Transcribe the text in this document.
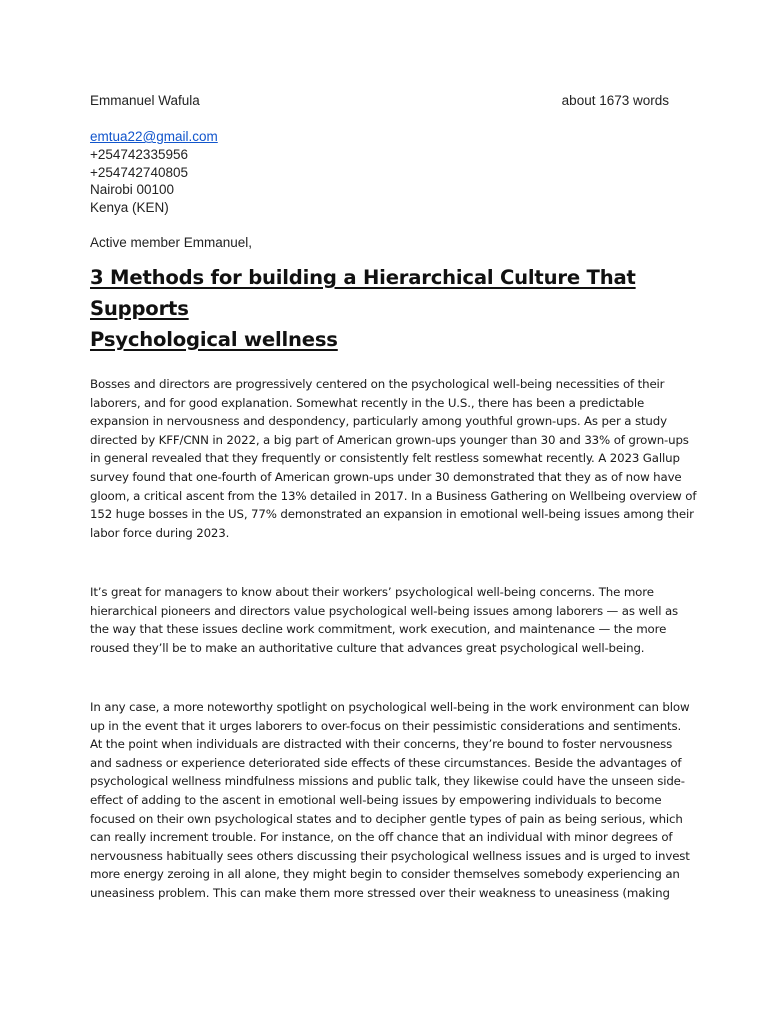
Emmanuel Wafula	about 1673 words
emtua22@gmail.com
+254742335956
+254742740805
Nairobi 00100
Kenya (KEN)
Active member Emmanuel,
3 Methods for building a Hierarchical Culture That Supports
Psychological wellness

Bosses and directors are progressively centered on the psychological well-being necessities of their
laborers, and for good explanation. Somewhat recently in the U.S., there has been a predictable
expansion in nervousness and despondency, particularly among youthful grown-ups. As per a study
directed by KFF/CNN in 2022, a big part of American grown-ups younger than 30 and 33% of grown-ups
in general revealed that they frequently or consistently felt restless somewhat recently. A 2023 Gallup
survey found that one-fourth of American grown-ups under 30 demonstrated that they as of now have
gloom, a critical ascent from the 13% detailed in 2017. In a Business Gathering on Wellbeing overview of
152 huge bosses in the US, 77% demonstrated an expansion in emotional well-being issues among their
labor force during 2023.

It’s great for managers to know about their workers’ psychological well-being concerns. The more
hierarchical pioneers and directors value psychological well-being issues among laborers — as well as
the way that these issues decline work commitment, work execution, and maintenance — the more
roused they’ll be to make an authoritative culture that advances great psychological well-being.

In any case, a more noteworthy spotlight on psychological well-being in the work environment can blow
up in the event that it urges laborers to over-focus on their pessimistic considerations and sentiments.
At the point when individuals are distracted with their concerns, they’re bound to foster nervousness
and sadness or experience deteriorated side effects of these circumstances. Beside the advantages of
psychological wellness mindfulness missions and public talk, they likewise could have the unseen side-
effect of adding to the ascent in emotional well-being issues by empowering individuals to become
focused on their own psychological states and to decipher gentle types of pain as being serious, which
can really increment trouble. For instance, on the off chance that an individual with minor degrees of
nervousness habitually sees others discussing their psychological wellness issues and is urged to invest
more energy zeroing in all alone, they might begin to consider themselves somebody experiencing an
uneasiness problem. This can make them more stressed over their weakness to uneasiness (making
